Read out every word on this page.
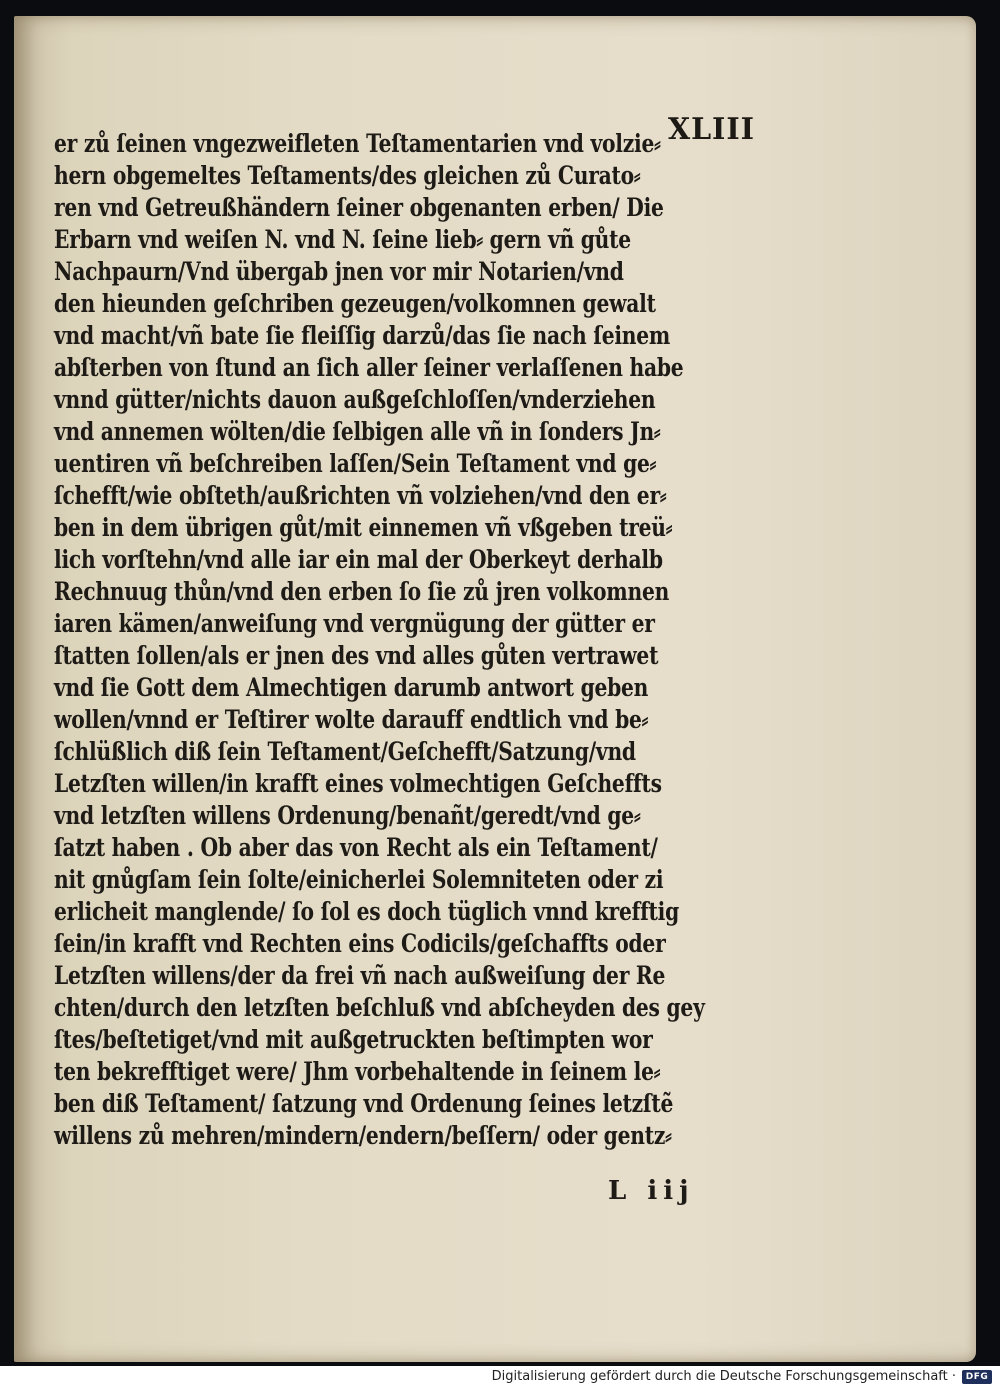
XLIII
er zů ſeinen vngezweifleten Teſtamentarien vnd volzie⸗
hern obgemeltes Teſtaments/des gleichen zů Curato⸗
ren vnd Getreußhändern ſeiner obgenanten erben/ Die
Erbarn vnd weiſen N. vnd N. ſeine lieb⸗ gern vñ gůte
Nachpaurn/Vnd übergab jnen vor mir Notarien/vnd
den hieunden geſchriben gezeugen/volkomnen gewalt
vnd macht/vñ bate ſie fleiſſig darzů/das ſie nach ſeinem
abſterben von ſtund an ſich aller ſeiner verlaſſenen habe
vnnd gütter/nichts dauon außgeſchloſſen/vnderziehen
vnd annemen wölten/die ſelbigen alle vñ in ſonders Jn⸗
uentiren vñ beſchreiben laſſen/Sein Teſtament vnd ge⸗
ſchefft/wie obſteth/außrichten vñ volziehen/vnd den er⸗
ben in dem übrigen gůt/mit einnemen vñ vßgeben treü⸗
lich vorſtehn/vnd alle iar ein mal der Oberkeyt derhalb
Rechnuug thůn/vnd den erben ſo ſie zů jren volkomnen
iaren kämen/anweiſung vnd vergnügung der gütter er
ſtatten ſollen/als er jnen des vnd alles gůten vertrawet
vnd ſie Gott dem Almechtigen darumb antwort geben
wollen/vnnd er Teſtirer wolte darauff endtlich vnd be⸗
ſchlüßlich diß ſein Teſtament/Geſchefft/Satzung/vnd
Letzſten willen/in krafft eines volmechtigen Geſcheffts
vnd letzſten willens Ordenung/benañt/geredt/vnd ge⸗
ſatzt haben . Ob aber das von Recht als ein Teſtament/
nit gnůgſam ſein ſolte/einicherlei Solemniteten oder zi
erlicheit manglende/ ſo ſol es doch tüglich vnnd krefftig
ſein/in krafft vnd Rechten eins Codicils/geſchaffts oder
Letzſten willens/der da frei vñ nach außweiſung der Re
chten/durch den letzſten beſchluß vnd abſcheyden des gey
ſtes/beſtetiget/vnd mit außgetruckten beſtimpten wor
ten bekrefftiget were/ Jhm vorbehaltende in ſeinem le⸗
ben diß Teſtament/ ſatzung vnd Ordenung ſeines letzſtẽ
willens zů mehren/mindern/endern/beſſern/ oder gentz⸗
L iij
Digitalisierung gefördert durch die Deutsche Forschungsgemeinschaft ·	DFG
